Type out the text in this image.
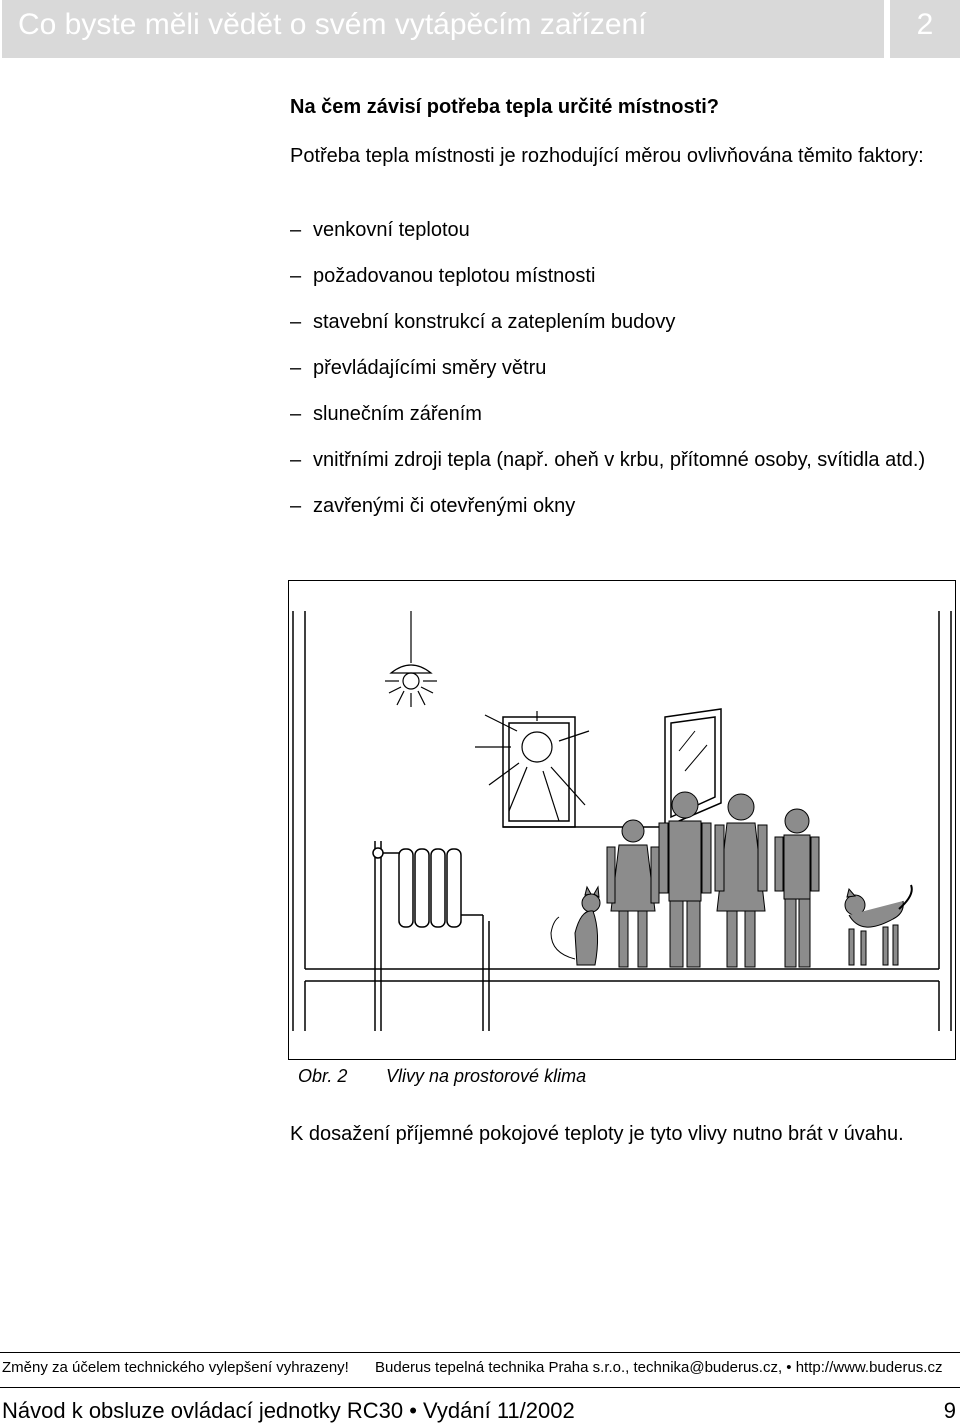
Co byste měli vědět o svém vytápěcím zařízení	2
Na čem závisí potřeba tepla určité místnosti?
Potřeba tepla místnosti je rozhodující měrou ovlivňována těmito faktory:
– venkovní teplotou
– požadovanou teplotou místnosti
– stavební konstrukcí a zateplením budovy
– převládajícími směry větru
– slunečním zářením
– vnitřními zdroji tepla (např. oheň v krbu, přítomné osoby, svítidla atd.)
– zavřenými či otevřenými okny
Obr. 2 Vlivy na prostorové klima
K dosažení příjemné pokojové teploty je tyto vlivy nutno brát v úvahu.
Změny za účelem technického vylepšení vyhrazeny! Buderus tepelná technika Praha s.r.o., technika@buderus.cz, • http://www.buderus.cz
Návod k obsluze ovládací jednotky RC30 • Vydání 11/2002	9
